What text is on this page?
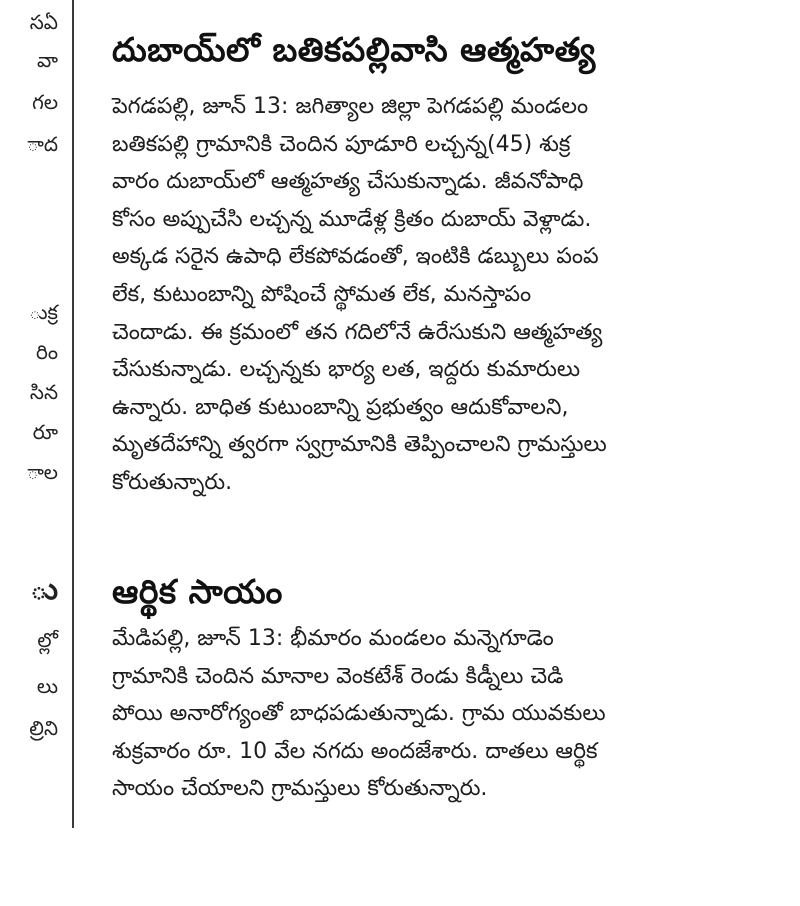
సఏ
వా
గల
ాద
ుక్ర
రిం
సిన
రూ
ాల
ు
ల్లో
లు
ల్రిని
దుబాయ్‌లో బతికపల్లివాసి ఆత్మహత్య
పెగడపల్లి, జూన్ 13: జగిత్యాల జిల్లా పెగడపల్లి మండలం
బతికపల్లి గ్రామానికి చెందిన పూడూరి లచ్చన్న(45) శుక్ర
వారం దుబాయ్‌లో ఆత్మహత్య చేసుకున్నాడు. జీవనోపాధి
కోసం అప్పుచేసి లచ్చన్న మూడేళ్ల క్రితం దుబాయ్ వెళ్లాడు.
అక్కడ సరైన ఉపాధి లేకపోవడంతో, ఇంటికి డబ్బులు పంప
లేక, కుటుంబాన్ని పోషించే స్థోమత లేక, మనస్తాపం
చెందాడు. ఈ క్రమంలో తన గదిలోనే ఉరేసుకుని ఆత్మహత్య
చేసుకున్నాడు. లచ్చన్నకు భార్య లత, ఇద్దరు కుమారులు
ఉన్నారు. బాధిత కుటుంబాన్ని ప్రభుత్వం ఆదుకోవాలని,
మృతదేహాన్ని త్వరగా స్వగ్రామానికి తెప్పించాలని గ్రామస్తులు
కోరుతున్నారు.
ఆర్థిక సాయం
మేడిపల్లి, జూన్ 13: భీమారం మండలం మన్నెగూడెం
గ్రామానికి చెందిన మానాల వెంకటేశ్ రెండు కిడ్నీలు చెడి
పోయి అనారోగ్యంతో బాధపడుతున్నాడు. గ్రామ యువకులు
శుక్రవారం రూ. 10 వేల నగదు అందజేశారు. దాతలు ఆర్థిక
సాయం చేయాలని గ్రామస్తులు కోరుతున్నారు.
